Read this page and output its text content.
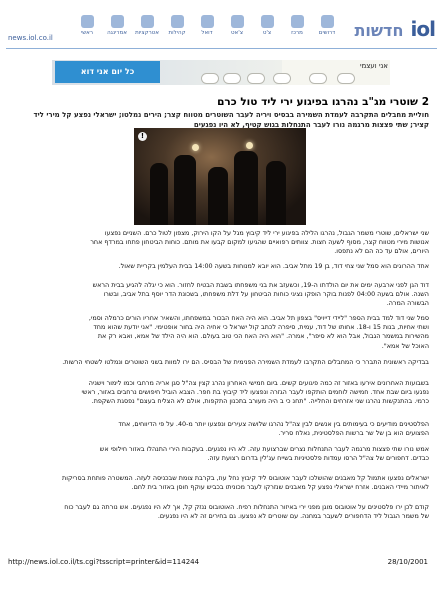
news.iol.co.il
ראשי	אמרינגה	אטרקציות	קהילות	דואל	צ'אט	צ'ט	מרכז	דרושים	iol חדשות
כל יום אני דוא
אני ועצמי
2 שוטרי מג"ב נהרגו בפיגוע ירי ליד טול כרם
חוליית מחבלים התקרבה לעמדת השמירה בבסיס ויריה לעבר השוטרים מטווח קצר; הירים נמלטו; ישראלי נפצע קל מירי ליד
קציר; שתי פצצות מרגמה נורו לעבר התנחלות בגוש קטיף, לא היו נפגעים
!
שני ישראלים, שוטרי משמר הגבול, נהרגו הלילה בפיגוע ירי ליד קיבוץ מגל על הקו הירוק, מצפון לטול כרם. השניים נפצעו
אנושות מירי מטווח קצר, מסוף לשעה חצות. צוותים רפואיים שהגיעו למקום קבעו את מותם. כוחות הביטחון פתחו במרדף אחר
היורים, אולם עד כה הם לא נתפסו.
אחד ההרוגים הוא סמל שני צחי דוד, בן 19 מתל אביב. הוא יובא למנוחות בשעה 14:00 בבית העלמין בקריית שאול.
דוד הגן לפני ארבעה ימים את יום הולדתו ה-19, וכשעזב את בני משפחתו בשבת הבטיח לחזור. הוא כי יגלה להגיע בבית הראש
השנה. אולם בשעה 04:00 לפנות בוקר הופקו נציגי כוחות הביטחון על דלת משפחתו, בשכונת הדר יוסף בתל אביב, ובשרו
הבשורה המרה.
סמל שני דוד למד בבית הספר "ליידי דייויס" בצפון תל אביב. הוא היה האח הבכור במשפחתו, והשאיר אחריו הורים כרמלה וסמי,
ושתי אחיות, בנות 15 ו-18. אחותו של דוד, עמית, סיפרה לכתב קול ישראל כי אחיה היה בחור אופטימי. "אני יודעת שהוא מחד
מהשירות במשמר הגבול, אבל הוא לא סיפר", אמרה. "הוא היה האח הכי טוב בעולם. הוא היה הילד של אמא, ואבא רק את
האוכל של אמא".
בבדיקה ראשונית התברר כי המחבלים התקרבו לעמדת השמירה הפנימית של הבסיס. הם ירו למוות בשני השוטרים ונמלטו לשטחי הרשות.
בשבועות האחרונים אירעו באזור זה כמה פיגועים קשים. ביום חמישי האחרון נהרג קצין צה"ל סגן אריה מרחבי וכמו לימור וישניה
נפגעו ביום שבת אחד. חמישה לוחמים הותקפו לעבר הגזרה ונפצעו ליד קיבוץ בת חפר. הצבא הוביל חיפושים נרחבים באזור, ראשי
כרמי. בהתנקשות נהרגו שני אזרחים והחלייה. "תחנ כי ב היה מעורב בתכנון התקפות, אולם לא הצליח בעצם" נפסגת השקפת.
הפלסטינים מודיעים כי בעימותים בין אנשים לבין צה"ל נהרגו שלושה צעירים ונפצעו יותר מ-40. על פי הדיווחים, אחד
הפצועים הוא בן של שר ברשות הפלסטינית, נאלח סריר.
אמש נורו שתי פצצות מרגמה לעבר התנחלות נצרים שברצועת עזה. לא היו נפגעים. בעקבות הירי התנהלו באזור חילופי אש
כבדים. דחפורים של צה"ל הרסו עמדות פלסטיניות בשייח עג'לין בדרום רצועת עזה.
ישראלים נפצעו אתמול קל מאבנים שהושלכו לעבר אוטובוס ליד קיבוץ נחל עוז, בקרבת צומת שבכניסה לעזה. המשטרה פותחת בסריקות
לאיתור מיידי האבנים. אזרח ישראלי נפצע קל מאבנים שנזרקו לעבר מכוניתו בכביש עוקף חוסן באזור בית לחם.
קודם לכן ירו פלסטינים על אוטובוס מוגן מפני ירי באיזור התנחלות רפיח. האוטובוס ננזק קל, אך לא היו נפגעים. אש נורתה גם לעבר כוח
של משמר הגבול ליד הדחפורים לשעבר במחנה. עם שוטרים לא נפצעו. גם בחירים זה לא היו נפגעים.
http://news.iol.co.il/ts.cgi?tsscript=printer&id=114244	28/10/2001
